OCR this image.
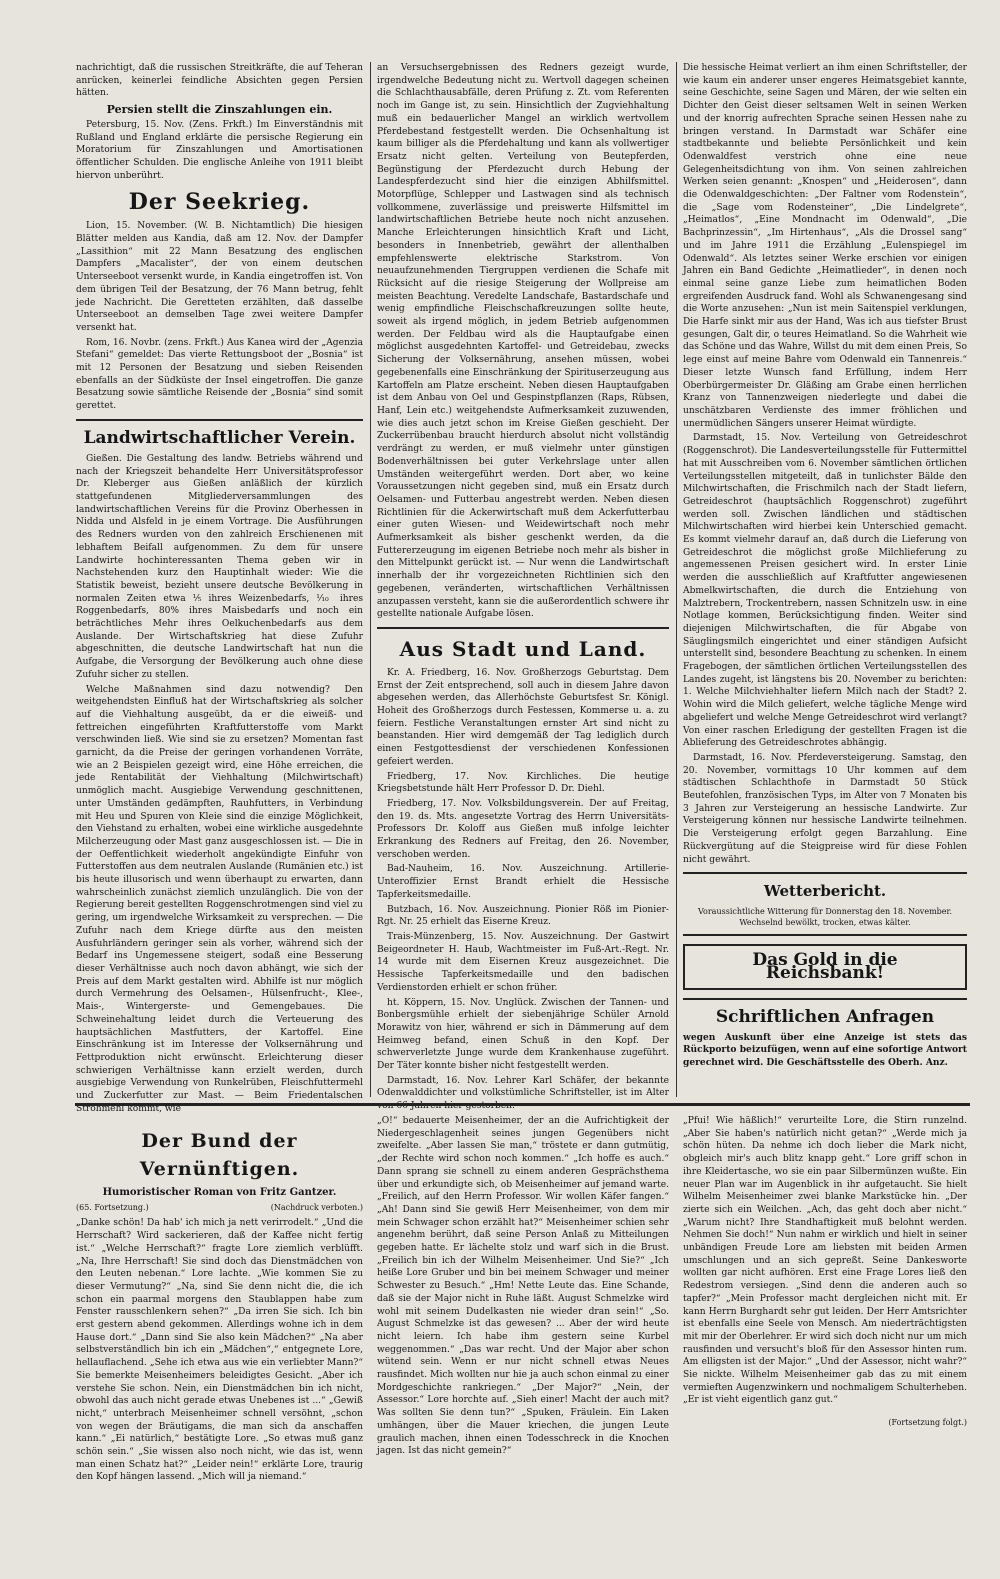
nachrichtigt, daß die russischen Streitkräfte, die auf Teheran anrücken, keinerlei feindliche Absichten gegen Persien hätten.

Persien stellt die Zinszahlungen ein.

Petersburg, 15. Nov. (Zens. Frkft.) Im Einverständnis mit Rußland und England erklärte die persische Regierung ein Moratorium für Zinszahlungen und Amortisationen öffentlicher Schulden. Die englische Anleihe von 1911 bleibt hiervon unberührt.

Der Seekrieg.

Lion, 15. November. (W. B. Nichtamtlich) Die hiesigen Blätter melden aus Kandia, daß am 12. Nov. der Dampfer „Lassithion“ mit 22 Mann Besatzung des englischen Dampfers „Macalister“, der von einem deutschen Unterseeboot versenkt wurde, in Kandia eingetroffen ist. Von dem übrigen Teil der Besatzung, der 76 Mann betrug, fehlt jede Nachricht. Die Geretteten erzählten, daß dasselbe Unterseeboot an demselben Tage zwei weitere Dampfer versenkt hat.

Rom, 16. Novbr. (zens. Frkft.) Aus Kanea wird der „Agenzia Stefani“ gemeldet: Das vierte Rettungsboot der „Bosnia“ ist mit 12 Personen der Besatzung und sieben Reisenden ebenfalls an der Südküste der Insel eingetroffen. Die ganze Besatzung sowie sämtliche Reisende der „Bosnia“ sind somit gerettet.

Landwirtschaftlicher Verein.

Gießen. Die Gestaltung des landw. Betriebs während und nach der Kriegszeit behandelte Herr Universitätsprofessor Dr. Kleberger aus Gießen anläßlich der kürzlich stattgefundenen Mitgliederversammlungen des landwirtschaftlichen Vereins für die Provinz Oberhessen in Nidda und Alsfeld in je einem Vortrage. Die Ausführungen des Redners wurden von den zahlreich Erschienenen mit lebhaftem Beifall aufgenommen. Zu dem für unsere Landwirte hochinteressanten Thema geben wir in Nachstehenden kurz den Hauptinhalt wieder: Wie die Statistik beweist, bezieht unsere deutsche Bevölkerung in normalen Zeiten etwa ⅕ ihres Weizenbedarfs, ⅒ ihres Roggenbedarfs, 80% ihres Maisbedarfs und noch ein beträchtliches Mehr ihres Oelkuchenbedarfs aus dem Auslande. Der Wirtschaftskrieg hat diese Zufuhr abgeschnitten, die deutsche Landwirtschaft hat nun die Aufgabe, die Versorgung der Bevölkerung auch ohne diese Zufuhr sicher zu stellen.

Welche Maßnahmen sind dazu notwendig? Den weitgehendsten Einfluß hat der Wirtschaftskrieg als solcher auf die Viehhaltung ausgeübt, da er die eiweiß- und fettreichen eingeführten Kraftfutterstoffe vom Markt verschwinden ließ. Wie sind sie zu ersetzen? Momentan fast garnicht, da die Preise der geringen vorhandenen Vorräte, wie an 2 Beispielen gezeigt wird, eine Höhe erreichen, die jede Rentabilität der Viehhaltung (Milchwirtschaft) unmöglich macht. Ausgiebige Verwendung geschnittenen, unter Umständen gedämpften, Rauhfutters, in Verbindung mit Heu und Spuren von Kleie sind die einzige Möglichkeit, den Viehstand zu erhalten, wobei eine wirkliche ausgedehnte Milcherzeugung oder Mast ganz ausgeschlossen ist. — Die in der Oeffentlichkeit wiederholt angekündigte Einfuhr von Futterstoffen aus dem neutralen Auslande (Rumänien etc.) ist bis heute illusorisch und wenn überhaupt zu erwarten, dann wahrscheinlich zunächst ziemlich unzulänglich. Die von der Regierung bereit gestellten Roggenschrotmengen sind viel zu gering, um irgendwelche Wirksamkeit zu versprechen. — Die Zufuhr nach dem Kriege dürfte aus den meisten Ausfuhrländern geringer sein als vorher, während sich der Bedarf ins Ungemessene steigert, sodaß eine Besserung dieser Verhältnisse auch noch davon abhängt, wie sich der Preis auf dem Markt gestalten wird. Abhilfe ist nur möglich durch Vermehrung des Oelsamen-, Hülsenfrucht-, Klee-, Mais-, Wintergerste- und Gemengebaues. Die Schweinehaltung leidet durch die Verteuerung des hauptsächlichen Mastfutters, der Kartoffel. Eine Einschränkung ist im Interesse der Volksernährung und Fettproduktion nicht erwünscht. Erleichterung dieser schwierigen Verhältnisse kann erzielt werden, durch ausgiebige Verwendung von Runkelrüben, Fleischfuttermehl und Zuckerfutter zur Mast. — Beim Friedentalschen Strohmehl kommt, wie

an Versuchsergebnissen des Redners gezeigt wurde, irgendwelche Bedeutung nicht zu. Wertvoll dagegen scheinen die Schlachthausabfälle, deren Prüfung z. Zt. vom Referenten noch im Gange ist, zu sein. Hinsichtlich der Zugviehhaltung muß ein bedauerlicher Mangel an wirklich wertvollem Pferdebestand festgestellt werden. Die Ochsenhaltung ist kaum billiger als die Pferdehaltung und kann als vollwertiger Ersatz nicht gelten. Verteilung von Beutepferden, Begünstigung der Pferdezucht durch Hebung der Landespferdezucht sind hier die einzigen Abhilfsmittel. Motorpflüge, Schlepper und Lastwagen sind als technisch vollkommene, zuverlässige und preiswerte Hilfsmittel im landwirtschaftlichen Betriebe heute noch nicht anzusehen. Manche Erleichterungen hinsichtlich Kraft und Licht, besonders in Innenbetrieb, gewährt der allenthalben empfehlenswerte elektrische Starkstrom. Von neuaufzunehmenden Tiergruppen verdienen die Schafe mit Rücksicht auf die riesige Steigerung der Wollpreise am meisten Beachtung. Veredelte Landschafe, Bastardschafe und wenig empfindliche Fleischschafkreuzungen sollte heute, soweit als irgend möglich, in jedem Betrieb aufgenommen werden. Der Feldbau wird als die Hauptaufgabe einen möglichst ausgedehnten Kartoffel- und Getreidebau, zwecks Sicherung der Volksernährung, ansehen müssen, wobei gegebenenfalls eine Einschränkung der Spirituserzeugung aus Kartoffeln am Platze erscheint. Neben diesen Hauptaufgaben ist dem Anbau von Oel und Gespinstpflanzen (Raps, Rübsen, Hanf, Lein etc.) weitgehendste Aufmerksamkeit zuzuwenden, wie dies auch jetzt schon im Kreise Gießen geschieht. Der Zuckerrübenbau braucht hierdurch absolut nicht vollständig verdrängt zu werden, er muß vielmehr unter günstigen Bodenverhältnissen bei guter Verkehrslage unter allen Umständen weitergeführt werden. Dort aber, wo keine Voraussetzungen nicht gegeben sind, muß ein Ersatz durch Oelsamen- und Futterbau angestrebt werden. Neben diesen Richtlinien für die Ackerwirtschaft muß dem Ackerfutterbau einer guten Wiesen- und Weidewirtschaft noch mehr Aufmerksamkeit als bisher geschenkt werden, da die Futtererzeugung im eigenen Betriebe noch mehr als bisher in den Mittelpunkt gerückt ist. — Nur wenn die Landwirtschaft innerhalb der ihr vorgezeichneten Richtlinien sich den gegebenen, veränderten, wirtschaftlichen Verhältnissen anzupassen versteht, kann sie die außerordentlich schwere ihr gestellte nationale Aufgabe lösen.

Aus Stadt und Land.

Kr. A. Friedberg, 16. Nov. Großherzogs Geburtstag. Dem Ernst der Zeit entsprechend, soll auch in diesem Jahre davon abgesehen werden, das Allerhöchste Geburtsfest Sr. Königl. Hoheit des Großherzogs durch Festessen, Kommerse u. a. zu feiern. Festliche Veranstaltungen ernster Art sind nicht zu beanstanden. Hier wird demgemäß der Tag lediglich durch einen Festgottesdienst der verschiedenen Konfessionen gefeiert werden.

Friedberg, 17. Nov. Kirchliches. Die heutige Kriegsbetstunde hält Herr Professor D. Dr. Diehl.

Friedberg, 17. Nov. Volksbildungsverein. Der auf Freitag, den 19. ds. Mts. angesetzte Vortrag des Herrn Universitäts-Professors Dr. Koloff aus Gießen muß infolge leichter Erkrankung des Redners auf Freitag, den 26. November, verschoben werden.

Bad-Nauheim, 16. Nov. Auszeichnung. Artillerie-Unteroffizier Ernst Brandt erhielt die Hessische Tapferkeitsmedaille.

Butzbach, 16. Nov. Auszeichnung. Pionier Röß im Pionier-Rgt. Nr. 25 erhielt das Eiserne Kreuz.

Trais-Münzenberg, 15. Nov. Auszeichnung. Der Gastwirt Beigeordneter H. Haub, Wachtmeister im Fuß-Art.-Regt. Nr. 14 wurde mit dem Eisernen Kreuz ausgezeichnet. Die Hessische Tapferkeitsmedaille und den badischen Verdienstorden erhielt er schon früher.

ht. Köppern, 15. Nov. Unglück. Zwischen der Tannen- und Bonbergsmühle erhielt der siebenjährige Schüler Arnold Morawitz von hier, während er sich in Dämmerung auf dem Heimweg befand, einen Schuß in den Kopf. Der schwerverletzte Junge wurde dem Krankenhause zugeführt. Der Täter konnte bisher nicht festgestellt werden.

Darmstadt, 16. Nov. Lehrer Karl Schäfer, der bekannte Odenwalddichter und volkstümliche Schriftsteller, ist im Alter von 66 Jahren hier gestorben.

Die hessische Heimat verliert an ihm einen Schriftsteller, der wie kaum ein anderer unser engeres Heimatsgebiet kannte, seine Geschichte, seine Sagen und Mären, der wie selten ein Dichter den Geist dieser seltsamen Welt in seinen Werken und der knorrig aufrechten Sprache seinen Hessen nahe zu bringen verstand. In Darmstadt war Schäfer eine stadtbekannte und beliebte Persönlichkeit und kein Odenwaldfest verstrich ohne eine neue Gelegenheitsdichtung von ihm. Von seinen zahlreichen Werken seien genannt: „Knospen“ und „Heiderosen“, dann die Odenwaldgeschichten: „Der Faltner vom Rodenstein“, die „Sage vom Rodensteiner“, „Die Lindelgrete“, „Heimatlos“, „Eine Mondnacht im Odenwald“, „Die Bachprinzessin“, „Im Hirtenhaus“, „Als die Drossel sang“ und im Jahre 1911 die Erzählung „Eulenspiegel im Odenwald“. Als letztes seiner Werke erschien vor einigen Jahren ein Band Gedichte „Heimatlieder“, in denen noch einmal seine ganze Liebe zum heimatlichen Boden ergreifenden Ausdruck fand. Wohl als Schwanengesang sind die Worte anzusehen: „Nun ist mein Saitenspiel verklungen, Die Harfe sinkt mir aus der Hand, Was ich aus tiefster Brust gesungen, Galt dir, o teures Heimatland. So die Wahrheit wie das Schöne und das Wahre, Willst du mit dem einen Preis, So lege einst auf meine Bahre vom Odenwald ein Tannenreis.“ Dieser letzte Wunsch fand Erfüllung, indem Herr Oberbürgermeister Dr. Gläßing am Grabe einen herrlichen Kranz von Tannenzweigen niederlegte und dabei die unschätzbaren Verdienste des immer fröhlichen und unermüdlichen Sängers unserer Heimat würdigte.

Darmstadt, 15. Nov. Verteilung von Getreideschrot (Roggenschrot). Die Landesverteilungsstelle für Futtermittel hat mit Ausschreiben vom 6. November sämtlichen örtlichen Verteilungsstellen mitgeteilt, daß in tunlichster Bälde den Milchwirtschaften, die Frischmilch nach der Stadt liefern, Getreideschrot (hauptsächlich Roggenschrot) zugeführt werden soll. Zwischen ländlichen und städtischen Milchwirtschaften wird hierbei kein Unterschied gemacht. Es kommt vielmehr darauf an, daß durch die Lieferung von Getreideschrot die möglichst große Milchlieferung zu angemessenen Preisen gesichert wird. In erster Linie werden die ausschließlich auf Kraftfutter angewiesenen Abmelkwirtschaften, die durch die Entziehung von Malztrebern, Trockentrebern, nassen Schnitzeln usw. in eine Notlage kommen, Berücksichtigung finden. Weiter sind diejenigen Milchwirtschaften, die für Abgabe von Säuglingsmilch eingerichtet und einer ständigen Aufsicht unterstellt sind, besondere Beachtung zu schenken. In einem Fragebogen, der sämtlichen örtlichen Verteilungsstellen des Landes zugeht, ist längstens bis 20. November zu berichten: 1. Welche Milchviehhalter liefern Milch nach der Stadt? 2. Wohin wird die Milch geliefert, welche tägliche Menge wird abgeliefert und welche Menge Getreideschrot wird verlangt? Von einer raschen Erledigung der gestellten Fragen ist die Ablieferung des Getreideschrotes abhängig.

Darmstadt, 16. Nov. Pferdeversteigerung. Samstag, den 20. November, vormittags 10 Uhr kommen auf dem städtischen Schlachthofe in Darmstadt 50 Stück Beutefohlen, französischen Typs, im Alter von 7 Monaten bis 3 Jahren zur Versteigerung an hessische Landwirte. Zur Versteigerung können nur hessische Landwirte teilnehmen. Die Versteigerung erfolgt gegen Barzahlung. Eine Rückvergütung auf die Steigpreise wird für diese Fohlen nicht gewährt.

Wetterbericht.
Voraussichtliche Witterung für Donnerstag den 18. November.
Wechselnd bewölkt, trocken, etwas kälter.
Das Gold in die Reichsbank!
Schriftlichen Anfragen

wegen Auskunft über eine Anzeige ist stets das Rückporto beizufügen, wenn auf eine sofortige Antwort gerechnet wird. Die Geschäftsstelle des Oberh. Anz.

Der Bund der Vernünftigen.
Humoristischer Roman von Fritz Gantzer.
(65. Fortsetzung.)	(Nachdruck verboten.)

„Danke schön! Da hab' ich mich ja nett verirrodelt.“ „Und die Herrschaft? Wird sackerieren, daß der Kaffee nicht fertig ist.“ „Welche Herrschaft?“ fragte Lore ziemlich verblüfft. „Na, Ihre Herrschaft! Sie sind doch das Dienstmädchen von den Leuten nebenan.“ Lore lachte. „Wie kommen Sie zu dieser Vermutung?“ „Na, sind Sie denn nicht die, die ich schon ein paarmal morgens den Staublappen habe zum Fenster rausschlenkern sehen?“ „Da irren Sie sich. Ich bin erst gestern abend gekommen. Allerdings wohne ich in dem Hause dort.“ „Dann sind Sie also kein Mädchen?“ „Na aber selbstverständlich bin ich ein „Mädchen“,“ entgegnete Lore, hellauflachend. „Sehe ich etwa aus wie ein verliebter Mann?“ Sie bemerkte Meisenheimers beleidigtes Gesicht. „Aber ich verstehe Sie schon. Nein, ein Dienstmädchen bin ich nicht, obwohl das auch nicht gerade etwas Unebenes ist ...“ „Gewiß nicht,“ unterbrach Meisenheimer schnell versöhnt, „schon von wegen der Bräutigams, die man sich da anschaffen kann.“ „Ei natürlich,“ bestätigte Lore. „So etwas muß ganz schön sein.“ „Sie wissen also noch nicht, wie das ist, wenn man einen Schatz hat?“ „Leider nein!“ erklärte Lore, traurig den Kopf hängen lassend. „Mich will ja niemand.“

„O!“ bedauerte Meisenheimer, der an die Aufrichtigkeit der Niedergeschlagenheit seines jungen Gegenübers nicht zweifelte. „Aber lassen Sie man,“ tröstete er dann gutmütig, „der Rechte wird schon noch kommen.“ „Ich hoffe es auch.“ Dann sprang sie schnell zu einem anderen Gesprächsthema über und erkundigte sich, ob Meisenheimer auf jemand warte. „Freilich, auf den Herrn Professor. Wir wollen Käfer fangen.“ „Ah! Dann sind Sie gewiß Herr Meisenheimer, von dem mir mein Schwager schon erzählt hat?“ Meisenheimer schien sehr angenehm berührt, daß seine Person Anlaß zu Mitteilungen gegeben hatte. Er lächelte stolz und warf sich in die Brust. „Freilich bin ich der Wilhelm Meisenheimer. Und Sie?“ „Ich heiße Lore Gruber und bin bei meinem Schwager und meiner Schwester zu Besuch.“ „Hm! Nette Leute das. Eine Schande, daß sie der Major nicht in Ruhe läßt. August Schmelzke wird wohl mit seinem Dudelkasten nie wieder dran sein!“ „So. August Schmelzke ist das gewesen? ... Aber der wird heute nicht leiern. Ich habe ihm gestern seine Kurbel weggenommen.“ „Das war recht. Und der Major aber schon wütend sein. Wenn er nur nicht schnell etwas Neues rausfindet. Mich wollten nur hie ja auch schon einmal zu einer Mordgeschichte rankriegen.“ „Der Major?“ „Nein, der Assessor.“ Lore horchte auf. „Sieh einer! Macht der auch mit? Was sollten Sie denn tun?“ „Spuken, Fräulein. Ein Laken umhängen, über die Mauer kriechen, die jungen Leute graulich machen, ihnen einen Todesschreck in die Knochen jagen. Ist das nicht gemein?“

„Pfui! Wie häßlich!“ verurteilte Lore, die Stirn runzelnd. „Aber Sie haben's natürlich nicht getan?“ „Werde mich ja schön hüten. Da nehme ich doch lieber die Mark nicht, obgleich mir's auch blitz knapp geht.“ Lore griff schon in ihre Kleidertasche, wo sie ein paar Silbermünzen wußte. Ein neuer Plan war im Augenblick in ihr aufgetaucht. Sie hielt Wilhelm Meisenheimer zwei blanke Markstücke hin. „Der zierte sich ein Weilchen. „Ach, das geht doch aber nicht.“ „Warum nicht? Ihre Standhaftigkeit muß belohnt werden. Nehmen Sie doch!“ Nun nahm er wirklich und hielt in seiner unbändigen Freude Lore am liebsten mit beiden Armen umschlungen und an sich gepreßt. Seine Dankesworte wollten gar nicht aufhören. Erst eine Frage Lores ließ den Redestrom versiegen. „Sind denn die anderen auch so tapfer?“ „Mein Professor macht dergleichen nicht mit. Er kann Herrn Burghardt sehr gut leiden. Der Herr Amtsrichter ist ebenfalls eine Seele von Mensch. Am niederträchtigsten mit mir der Oberlehrer. Er wird sich doch nicht nur um mich rausfinden und versucht's bloß für den Assessor hinten rum. Am elligsten ist der Major.“ „Und der Assessor, nicht wahr?“ Sie nickte. Wilhelm Meisenheimer gab das zu mit einem vermieften Augenzwinkern und nochmaligem Schulterheben. „Er ist vieht eigentlich ganz gut.“

(Fortsetzung folgt.)
